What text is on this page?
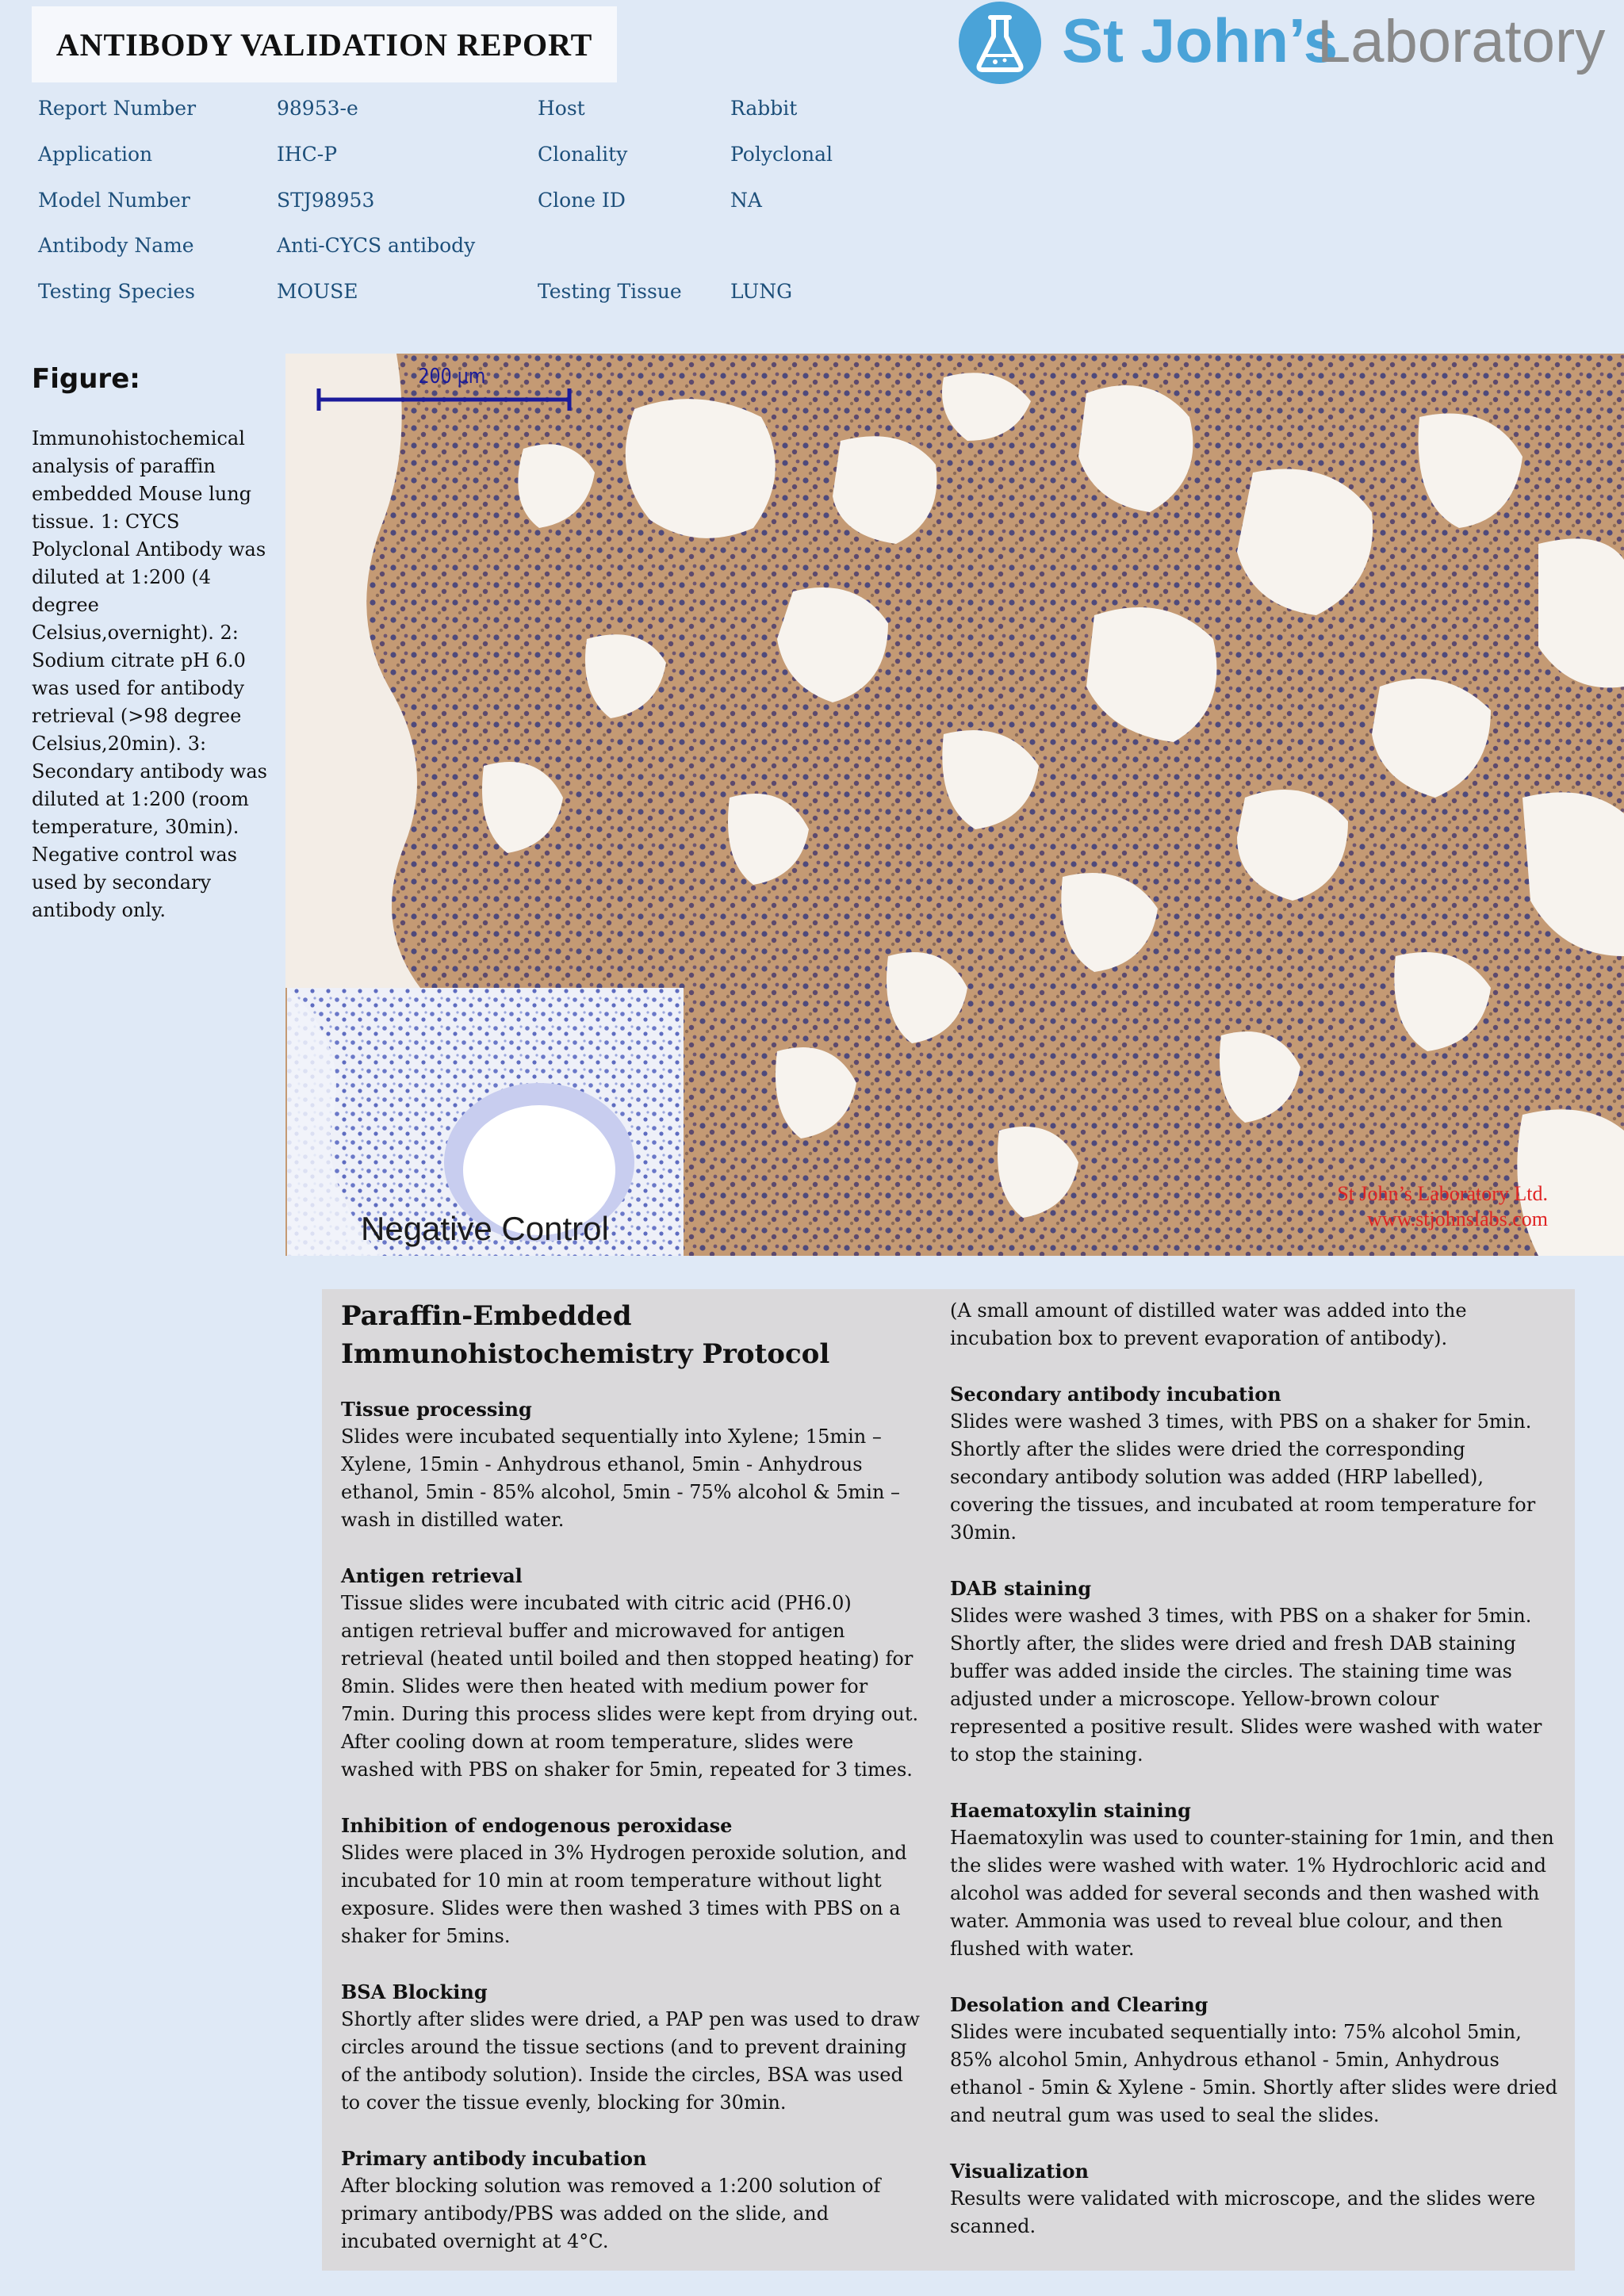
ANTIBODY VALIDATION REPORT	St John’s
Laboratory
Report Number	98953-e	Host	Rabbit
Application	IHC-P	Clonality	Polyclonal
Model Number	STJ98953	Clone ID	NA
Antibody Name	Anti-CYCS antibody
Testing Species	MOUSE	Testing Tissue LUNG
Figure:
Immunohistochemical analysis of paraffin embedded Mouse lung tissue. 1: CYCS Polyclonal Antibody was diluted at 1:200 (4 degree Celsius,overnight). 2: Sodium citrate pH 6.0 was used for antibody retrieval (>98 degree Celsius,20min). 3: Secondary antibody was diluted at 1:200 (room temperature, 30min). Negative control was used by secondary antibody only.
200 μm
Negative Control
St John’s Laboratory Ltd.
www.stjohnslabs.com
Paraffin-Embedded Immunohistochemistry Protocol
Tissue processing
Slides were incubated sequentially into Xylene; 15min – Xylene, 15min - Anhydrous ethanol, 5min - Anhydrous ethanol, 5min - 85% alcohol, 5min - 75% alcohol & 5min – wash in distilled water.
Antigen retrieval
Tissue slides were incubated with citric acid (PH6.0) antigen retrieval buffer and microwaved for antigen retrieval (heated until boiled and then stopped heating) for 8min. Slides were then heated with medium power for 7min. During this process slides were kept from drying out. After cooling down at room temperature, slides were washed with PBS on shaker for 5min, repeated for 3 times.
Inhibition of endogenous peroxidase
Slides were placed in 3% Hydrogen peroxide solution, and incubated for 10 min at room temperature without light exposure. Slides were then washed 3 times with PBS on a shaker for 5mins.
BSA Blocking
Shortly after slides were dried, a PAP pen was used to draw circles around the tissue sections (and to prevent draining of the antibody solution). Inside the circles, BSA was used to cover the tissue evenly, blocking for 30min.
Primary antibody incubation
After blocking solution was removed a 1:200 solution of primary antibody/PBS was added on the slide, and incubated overnight at 4°C.
(A small amount of distilled water was added into the incubation box to prevent evaporation of antibody).
Secondary antibody incubation
Slides were washed 3 times, with PBS on a shaker for 5min. Shortly after the slides were dried the corresponding secondary antibody solution was added (HRP labelled), covering the tissues, and incubated at room temperature for 30min.
DAB staining
Slides were washed 3 times, with PBS on a shaker for 5min. Shortly after, the slides were dried and fresh DAB staining buffer was added inside the circles. The staining time was adjusted under a microscope. Yellow-brown colour represented a positive result. Slides were washed with water to stop the staining.
Haematoxylin staining
Haematoxylin was used to counter-staining for 1min, and then the slides were washed with water. 1% Hydrochloric acid and alcohol was added for several seconds and then washed with water. Ammonia was used to reveal blue colour, and then flushed with water.
Desolation and Clearing
Slides were incubated sequentially into: 75% alcohol 5min, 85% alcohol 5min, Anhydrous ethanol - 5min, Anhydrous ethanol - 5min & Xylene - 5min. Shortly after slides were dried and neutral gum was used to seal the slides.
Visualization
Results were validated with microscope, and the slides were scanned.
